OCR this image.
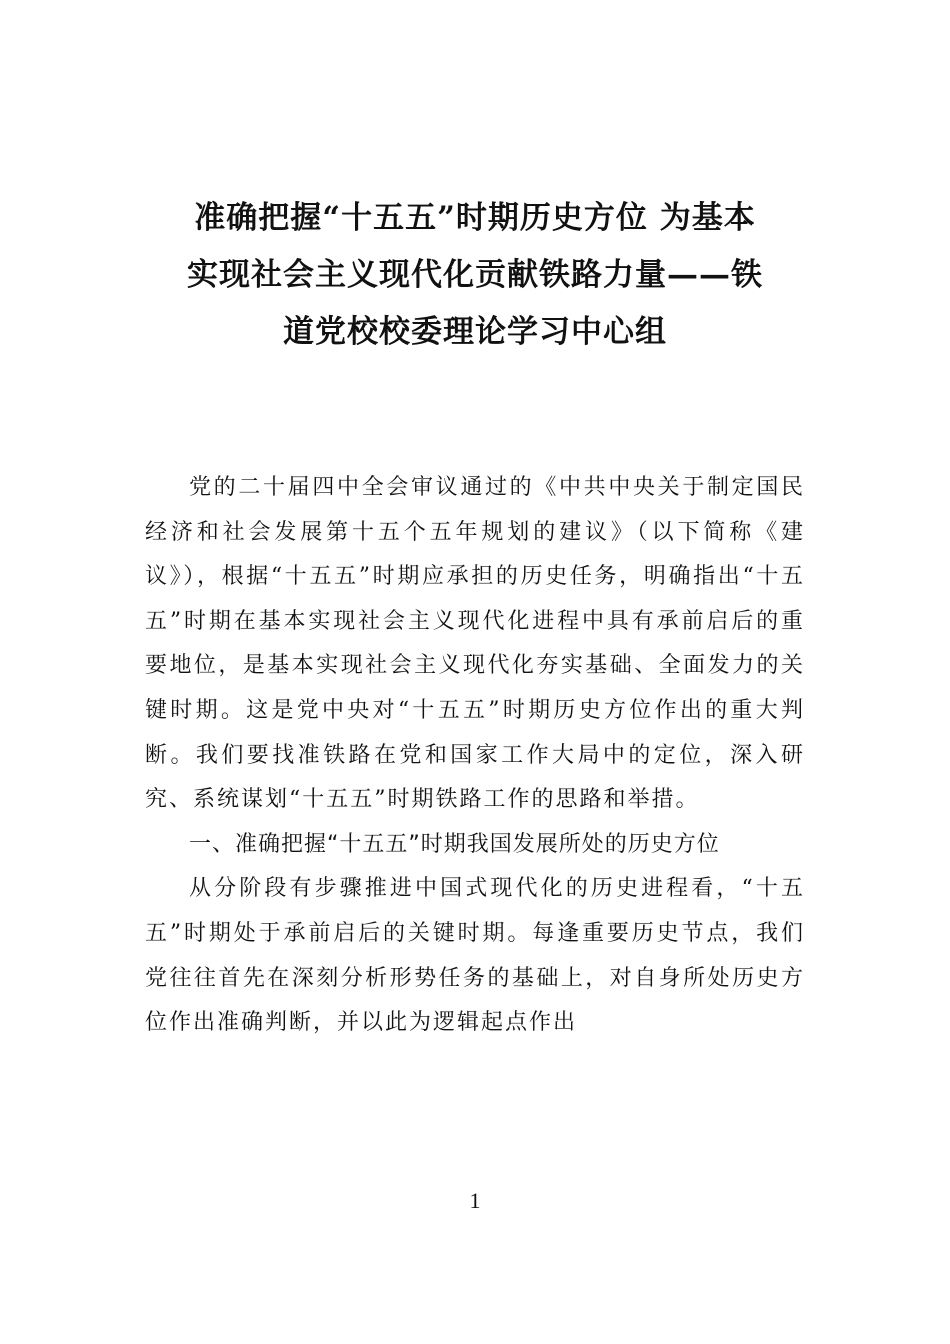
准确把握“十五五”时期历史方位 为基本
实现社会主义现代化贡献铁路力量——铁
道党校校委理论学习中心组

党的二十届四中全会审议通过的《中共中央关于制定国民经济和社会发展第十五个五年规划的建议》（以下简称《建议》），根据“十五五”时期应承担的历史任务，明确指出“十五五”时期在基本实现社会主义现代化进程中具有承前启后的重要地位，是基本实现社会主义现代化夯实基础、全面发力的关键时期。这是党中央对“十五五”时期历史方位作出的重大判断。我们要找准铁路在党和国家工作大局中的定位，深入研究、系统谋划“十五五”时期铁路工作的思路和举措。

一、准确把握“十五五”时期我国发展所处的历史方位

从分阶段有步骤推进中国式现代化的历史进程看，“十五五”时期处于承前启后的关键时期。每逢重要历史节点，我们党往往首先在深刻分析形势任务的基础上，对自身所处历史方位作出准确判断，并以此为逻辑起点作出

1
